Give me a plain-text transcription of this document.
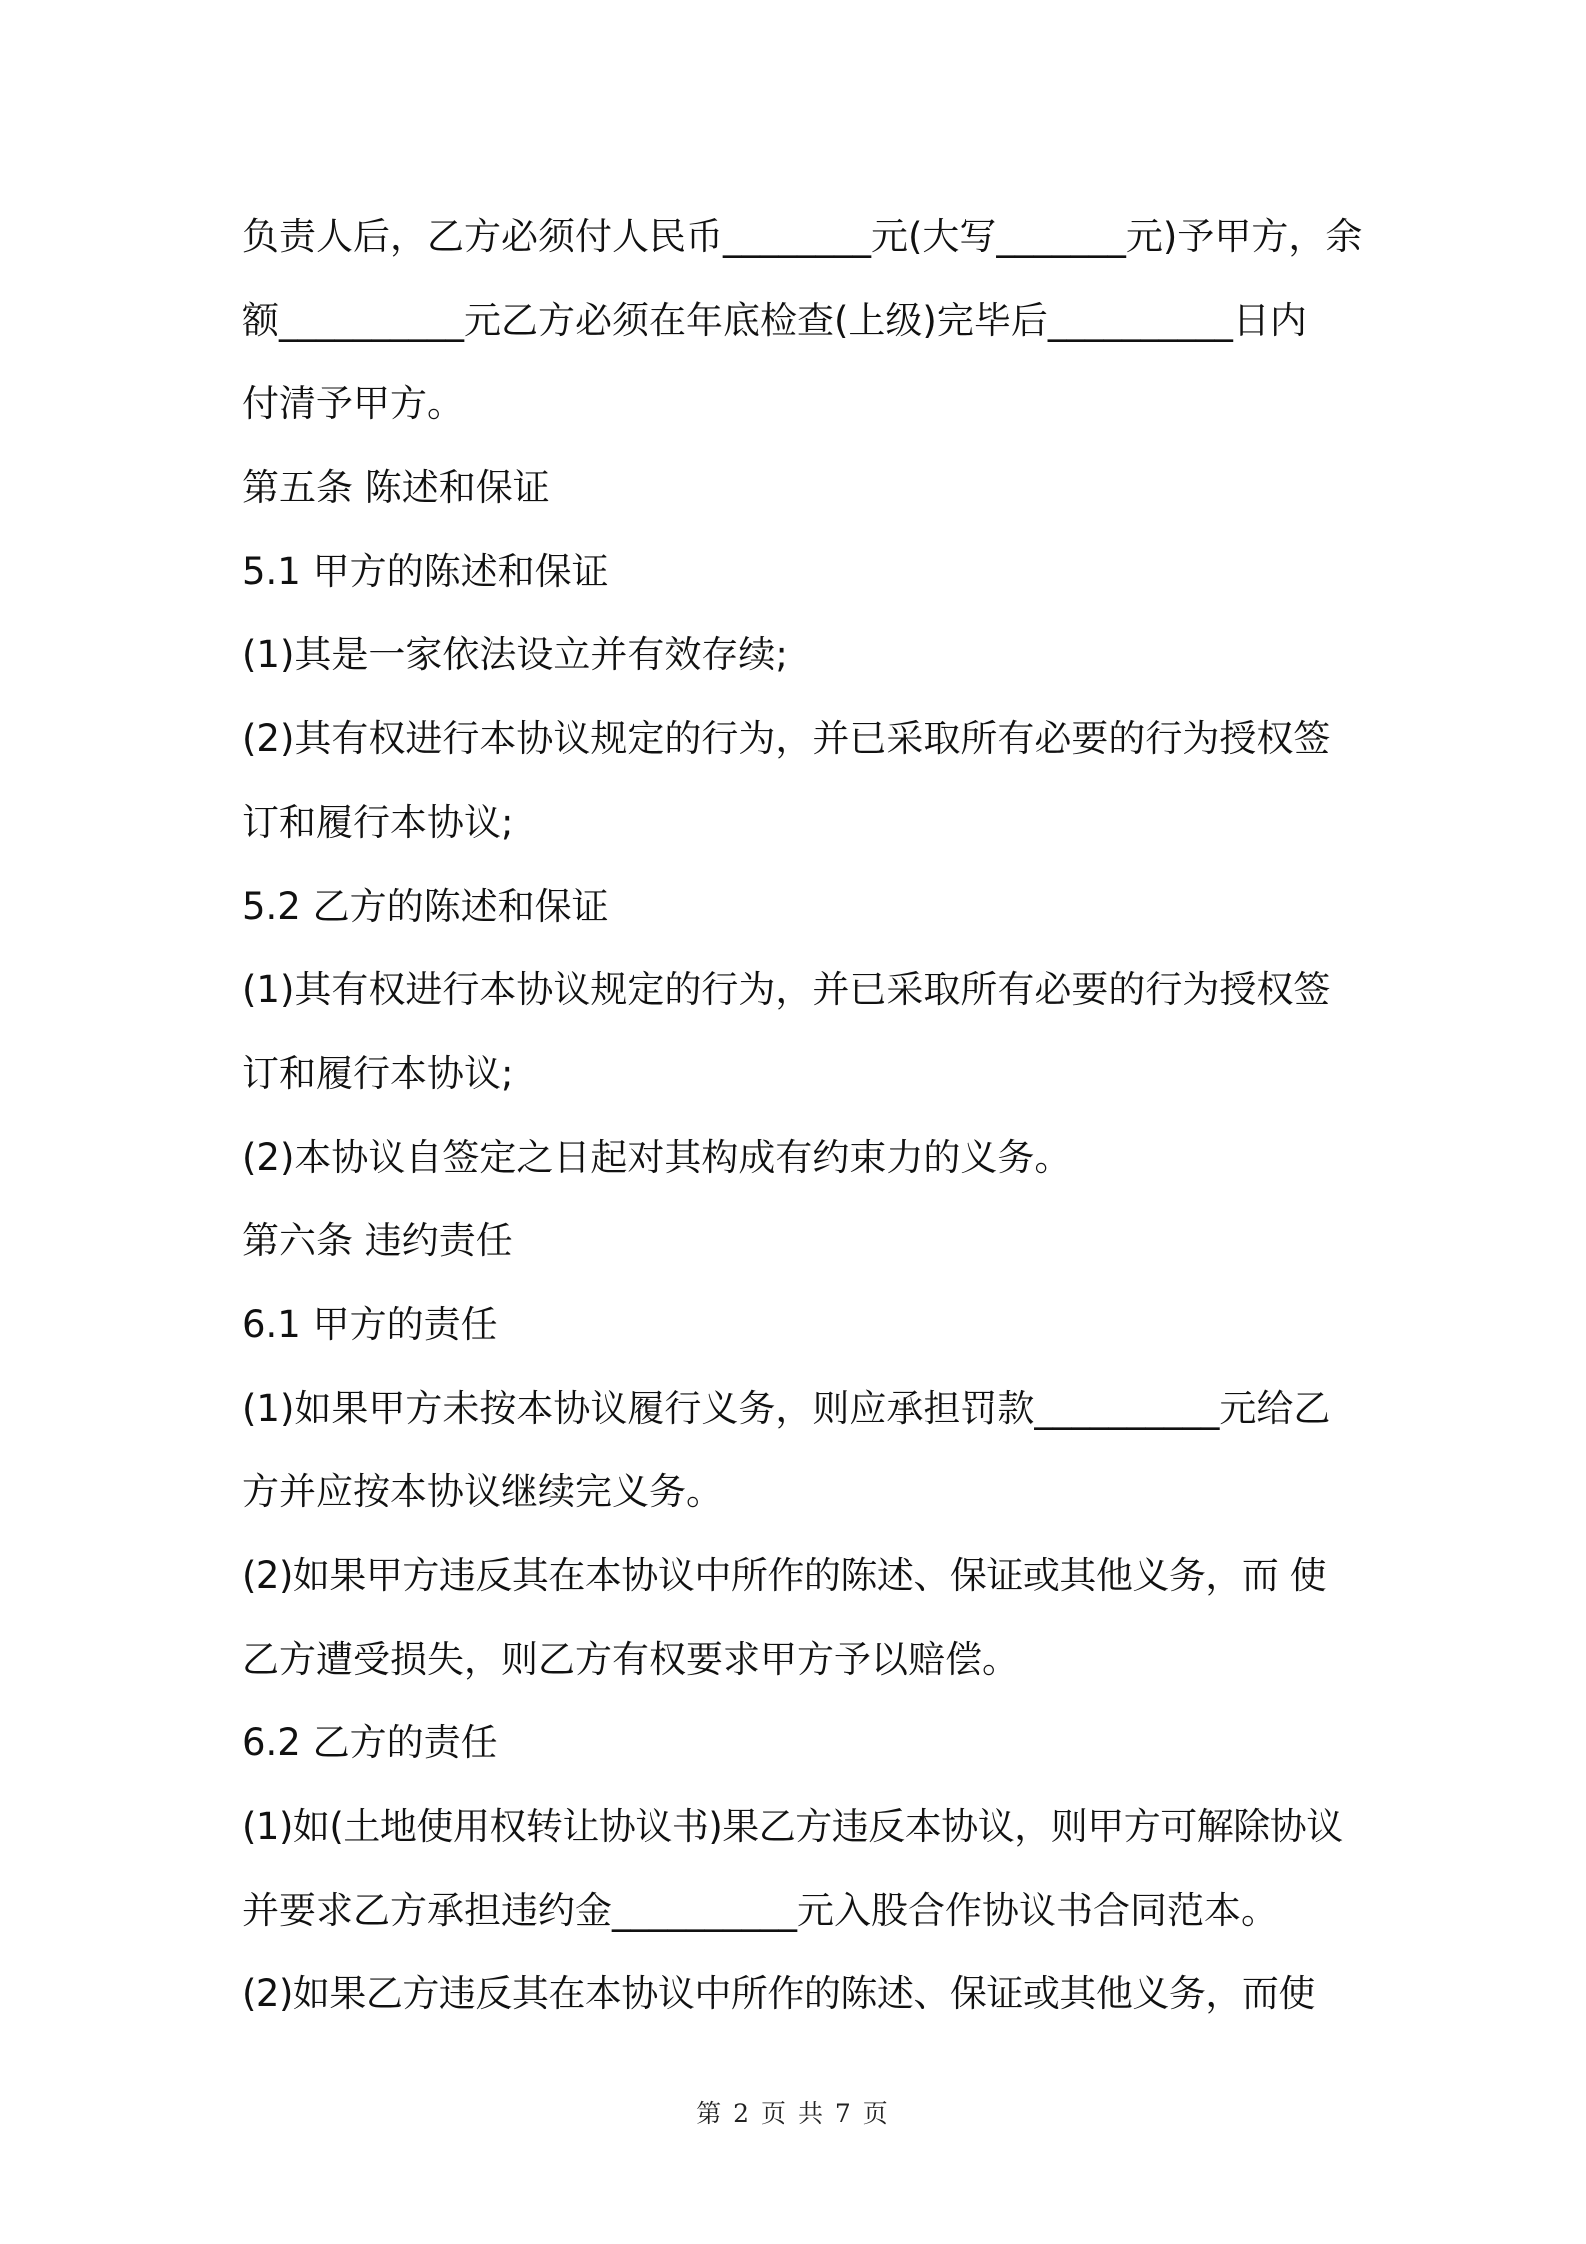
负责人后，乙方必须付人民币________元(大写_______元)予甲方，余
额__________元乙方必须在年底检查(上级)完毕后__________日内
付清予甲方。
第五条 陈述和保证
5.1 甲方的陈述和保证
(1)其是一家依法设立并有效存续;
(2)其有权进行本协议规定的行为，并已采取所有必要的行为授权签
订和履行本协议;
5.2 乙方的陈述和保证
(1)其有权进行本协议规定的行为，并已采取所有必要的行为授权签
订和履行本协议;
(2)本协议自签定之日起对其构成有约束力的义务。
第六条 违约责任
6.1 甲方的责任
(1)如果甲方未按本协议履行义务，则应承担罚款__________元给乙
方并应按本协议继续完义务。
(2)如果甲方违反其在本协议中所作的陈述、保证或其他义务，而 使
乙方遭受损失，则乙方有权要求甲方予以赔偿。
6.2 乙方的责任
(1)如(土地使用权转让协议书)果乙方违反本协议，则甲方可解除协议
并要求乙方承担违约金__________元入股合作协议书合同范本。
(2)如果乙方违反其在本协议中所作的陈述、保证或其他义务，而使
第 2 页 共 7 页
